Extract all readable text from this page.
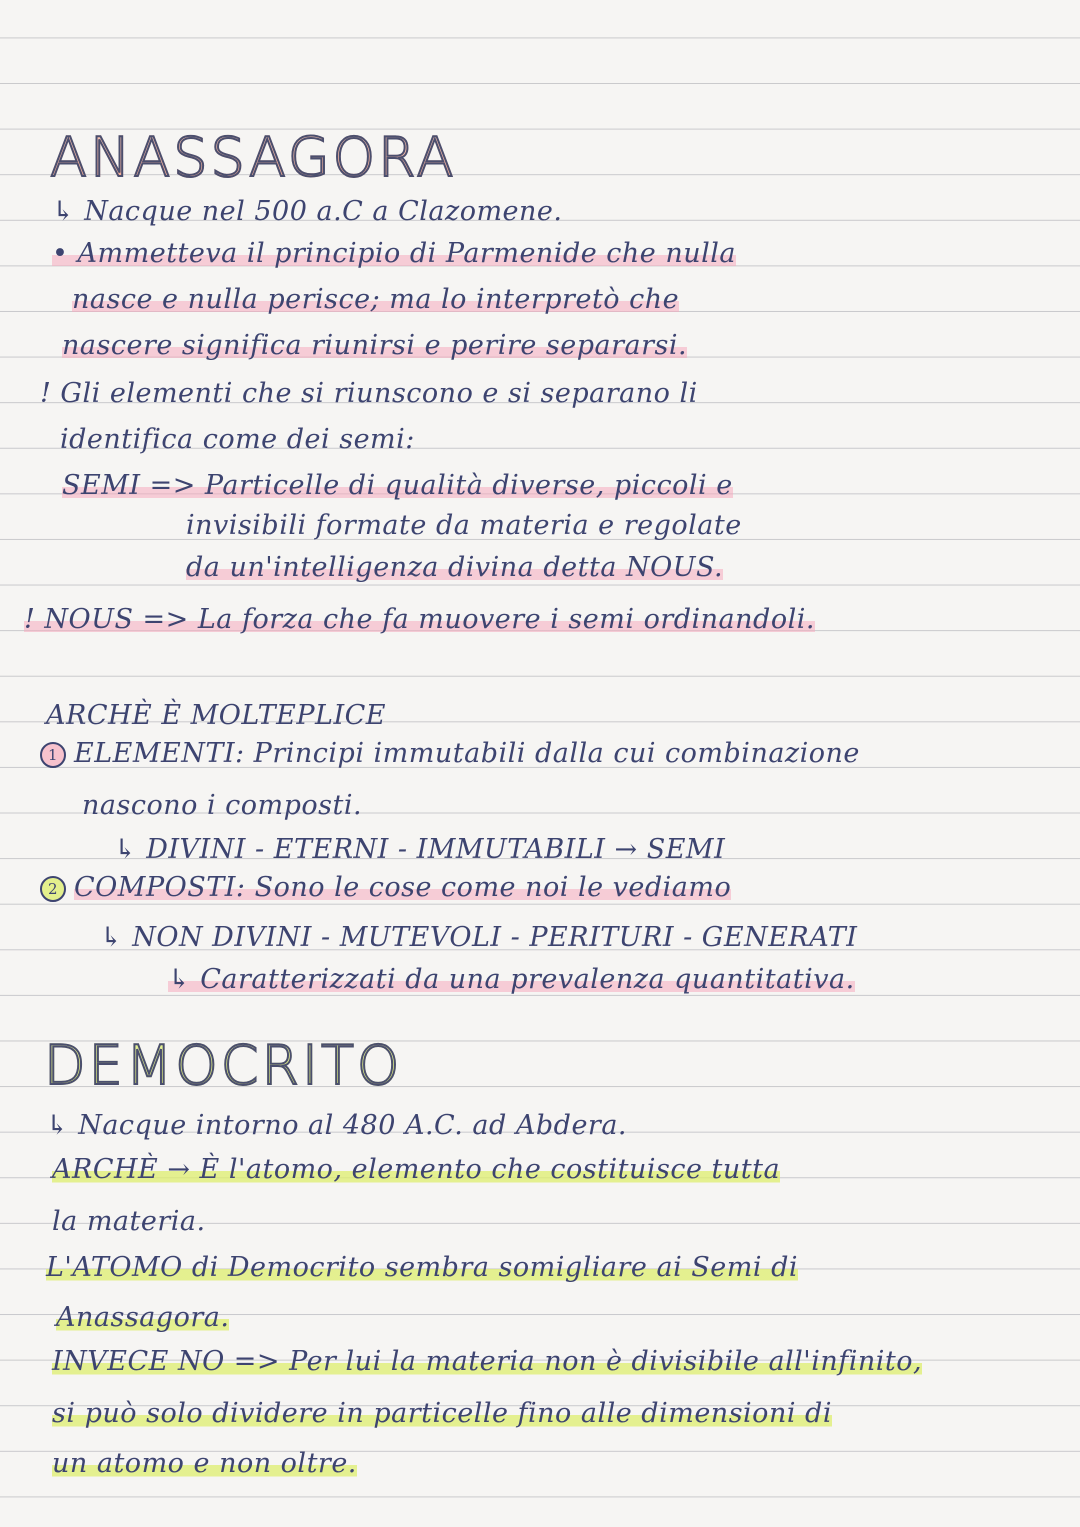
ANASSAGORA
↳ Nacque nel 500 a.C a Clazomene.
• Ammetteva il principio di Parmenide che nulla
nasce e nulla perisce; ma lo interpretò che
nascere significa riunirsi e perire separarsi.
! Gli elementi che si riunscono e si separano li
identifica come dei semi:
SEMI => Particelle di qualità diverse, piccoli e
invisibili formate da materia e regolate
da un'intelligenza divina detta NOUS.
! NOUS => La forza che fa muovere i semi ordinandoli.
ARCHÈ È MOLTEPLICE
1 ELEMENTI: Principi immutabili dalla cui combinazione
nascono i composti.
↳ DIVINI - ETERNI - IMMUTABILI → SEMI
2 COMPOSTI: Sono le cose come noi le vediamo
↳ NON DIVINI - MUTEVOLI - PERITURI - GENERATI
↳ Caratterizzati da una prevalenza quantitativa.
DEMOCRITO
↳ Nacque intorno al 480 A.C. ad Abdera.
ARCHÈ → È l'atomo, elemento che costituisce tutta
la materia.
L'ATOMO di Democrito sembra somigliare ai Semi di
Anassagora.
INVECE NO => Per lui la materia non è divisibile all'infinito,
si può solo dividere in particelle fino alle dimensioni di
un atomo e non oltre.
